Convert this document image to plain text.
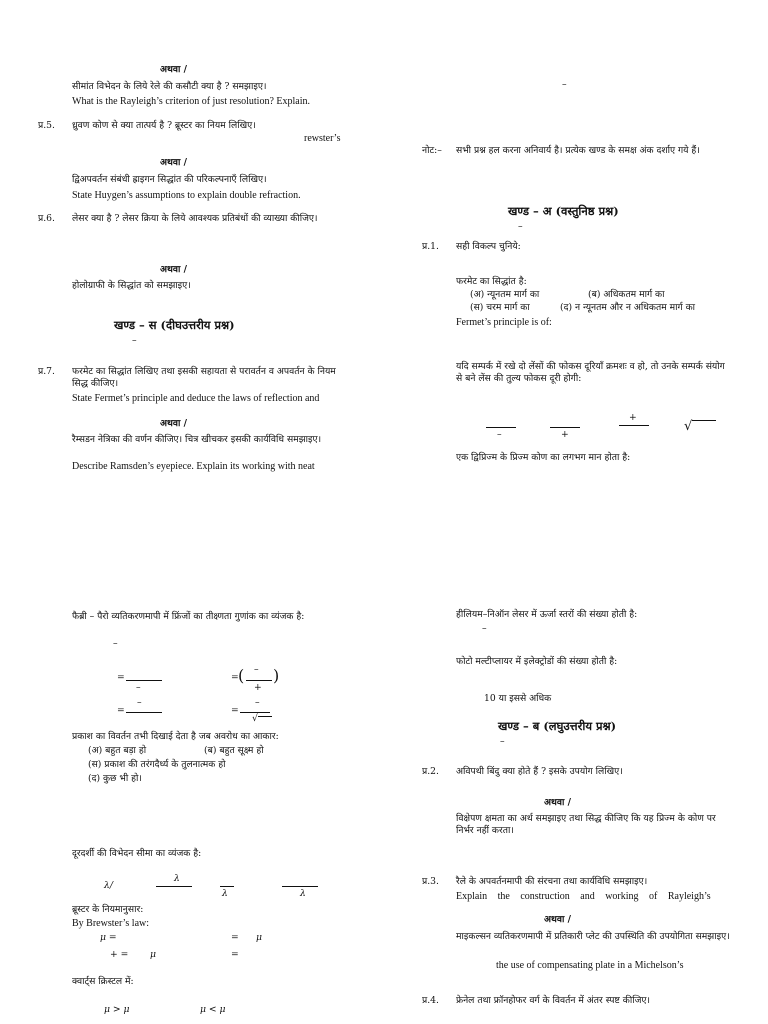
अथवा /

सीमांत विभेदन के लिये रेले की कसौटी क्या है ? समझाइए।

What is the Rayleigh’s criterion of just resolution? Explain.

प्र.5. ध्रुवण कोण से क्या तात्पर्य है ? ब्रूस्टर का नियम लिखिए।

rewster’s

अथवा /

द्विअपवर्तन संबंधी ह्राइगन सिद्धांत की परिकल्पनाएँ लिखिए।

State Huygen’s assumptions to explain double refraction.

प्र.6. लेसर क्या है ? लेसर क्रिया के लिये आवश्यक प्रतिबंधों की व्याख्या कीजिए।

अथवा /

होलोग्राफी के सिद्धांत को समझाइए।

खण्ड – स (दीघउत्तरीय प्रश्न)

–

प्र.7. फरमेट का सिद्धांत लिखिए तथा इसकी सहायता से परावर्तन व अपवर्तन के नियम सिद्ध कीजिए।

State Fermet’s principle and deduce the laws of reflection and

अथवा /

रैम्सडन नेत्रिका की वर्णन कीजिए। चित्र खीचकर इसकी कार्यविधि समझाइए।

Describe Ramsden’s eyepiece. Explain its working with neat

फैब्री – पैरो व्यतिकरणमापी में फ्रिंजों का तीक्ष्णता गुणांक का व्यंजक है:

–

=

–

= ( –

+

)

=

–

=

–

√

प्रकाश का विवर्तन तभी दिखाई देता है जब अवरोध का आकार:

(अ) बहुत बड़ा हो	(ब) बहुत सूक्ष्म हो

(स) प्रकाश की तरंगदैर्ध्य के तुलनात्मक हो

(द) कुछ भी हो।

दूरदर्शी की विभेदन सीमा का व्यंजक है:

λ/

λ

λ	λ

ब्रूस्टर के नियमानुसार:

By Brewster’s law:

μ =	= μ

+ = μ	=

क्वार्ट्स क्रिस्टल में:

μ > μ	μ < μ

–

नोट:– सभी प्रश्न हल करना अनिवार्य है। प्रत्येक खण्ड के समक्ष अंक दर्शाए गये हैं।

खण्ड – अ (वस्तुनिष्ठ प्रश्न)

–

प्र.1. सही विकल्प चुनिये:

फरमेट का सिद्धांत है:

(अ) न्यूनतम मार्ग का	(ब) अधिकतम मार्ग का

(स) चरम मार्ग का	(द) न न्यूनतम और न अधिकतम मार्ग का

Fermet’s principle is of:

यदि सम्पर्क में रखे दो लेंसों की फोकस दूरियाँ क्रमशः व हो, तो उनके सम्पर्क संयोग से बने लेंस की तुल्य फोकस दूरी होगी:

–	+

+

√

एक द्विप्रिज्म के प्रिज्म कोण का लगभग मान होता है:

हीलियम–निऑन लेसर में ऊर्जा स्तरों की संख्या होती है:

–

फोटो मल्टीप्लायर में इलेक्ट्रोडों की संख्या होती है:

10 या इससे अधिक

खण्ड – ब (लघुउत्तरीय प्रश्न)

–

प्र.2. अविपथी बिंदु क्या होते हैं ? इसके उपयोग लिखिए।

अथवा /

विक्षेपण क्षमता का अर्थ समझाइए तथा सिद्ध कीजिए कि यह प्रिज्म के कोण पर निर्भर नहीं करता।

प्र.3. रैले के अपवर्तनमापी की संरचना तथा कार्यविधि समझाइए।

Explain the construction and working of Rayleigh’s

अथवा /

माइकल्सन व्यतिकरणमापी में प्रतिकारी प्लेट की उपस्थिति की उपयोगिता समझाइए।

the use of compensating plate in a Michelson’s

प्र.4. फ्रेनेल तथा फ्रॉनहोफर वर्ग के विवर्तन में अंतर स्पष्ट कीजिए।
